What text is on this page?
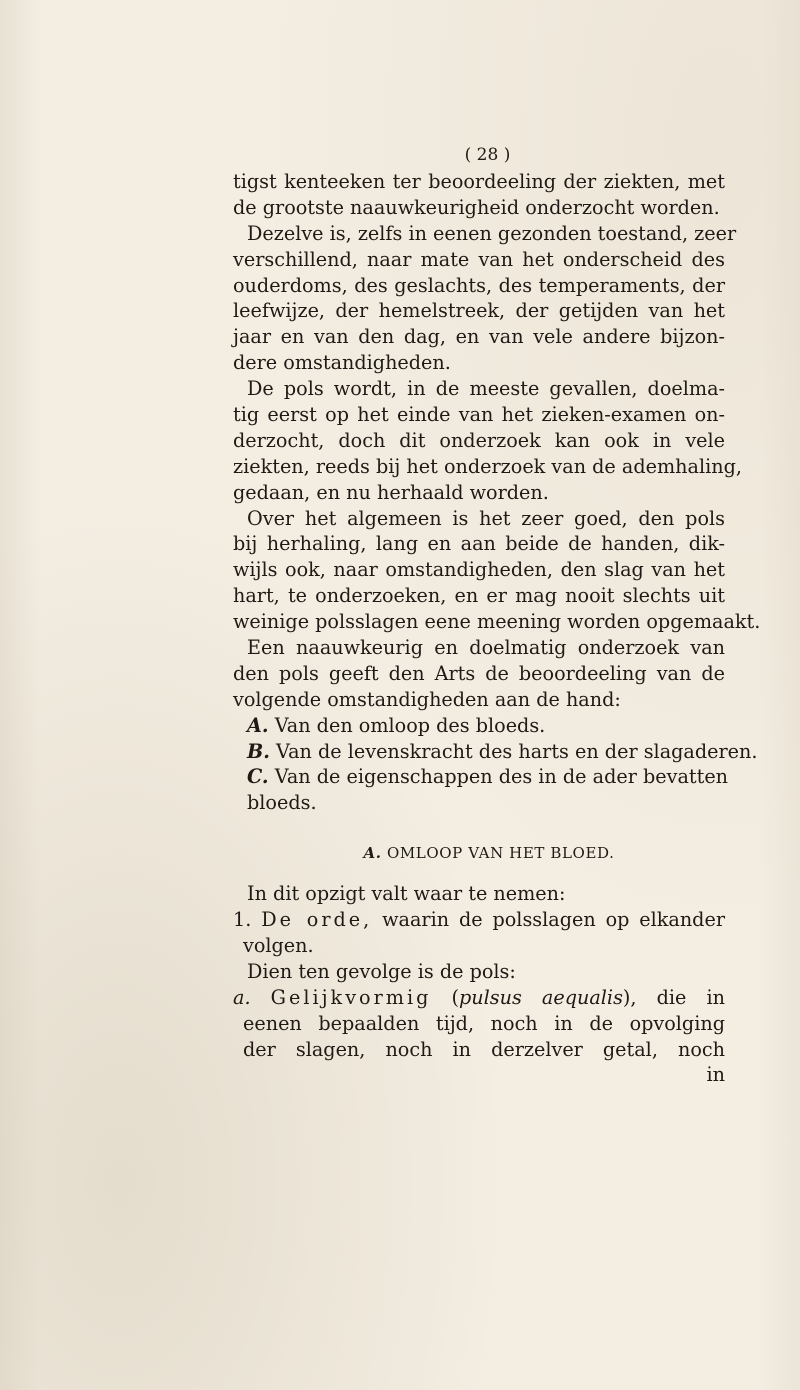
( 28 )
tigst kenteeken ter beoordeeling der ziekten, met
de grootste naauwkeurigheid onderzocht worden.
Dezelve is, zelfs in eenen gezonden toestand, zeer
verschillend, naar mate van het onderscheid des
ouderdoms, des geslachts, des temperaments, der
leefwijze, der hemelstreek, der getijden van het
jaar en van den dag, en van vele andere bijzon-
dere omstandigheden.
De pols wordt, in de meeste gevallen, doelma-
tig eerst op het einde van het zieken-examen on-
derzocht, doch dit onderzoek kan ook in vele
ziekten, reeds bij het onderzoek van de ademhaling,
gedaan, en nu herhaald worden.
Over het algemeen is het zeer goed, den pols
bij herhaling, lang en aan beide de handen, dik-
wijls ook, naar omstandigheden, den slag van het
hart, te onderzoeken, en er mag nooit slechts uit
weinige polsslagen eene meening worden opgemaakt.
Een naauwkeurig en doelmatig onderzoek van
den pols geeft den Arts de beoordeeling van de
volgende omstandigheden aan de hand:
A. Van den omloop des bloeds.
B. Van de levenskracht des harts en der slagaderen.
C. Van de eigenschappen des in de ader bevatten
bloeds.
A. OMLOOP VAN HET BLOED.
In dit opzigt valt waar te nemen:
1. De orde, waarin de polsslagen op elkander
volgen.
Dien ten gevolge is de pols:
a. Gelijkvormig (pulsus aequalis), die in
eenen bepaalden tijd, noch in de opvolging
der slagen, noch in derzelver getal, noch
in
